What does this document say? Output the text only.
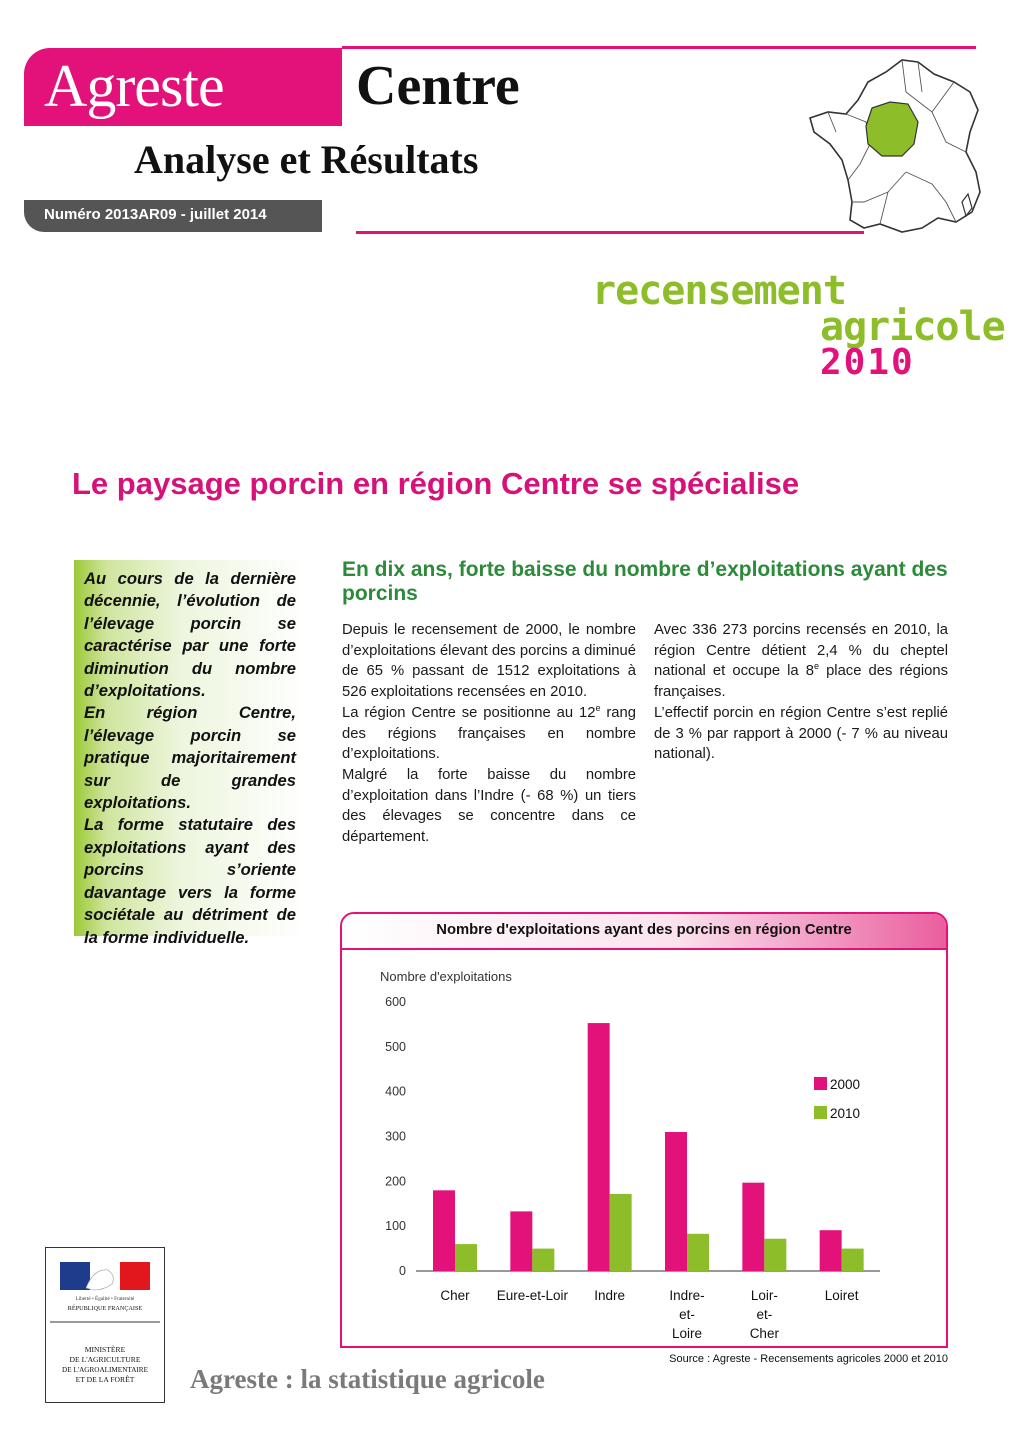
Agreste Centre
Analyse et Résultats
Numéro 2013AR09 - juillet 2014
recensement
agricole
2010
Le paysage porcin en région Centre se spécialise

Au cours de la dernière décennie, l’évolution de l’élevage porcin se caractérise par une forte diminution du nombre d’exploitations.

En région Centre, l’élevage porcin se pratique majoritairement sur de grandes exploitations.

La forme statutaire des exploitations ayant des porcins s’oriente davantage vers la forme sociétale au détriment de la forme individuelle.

En dix ans, forte baisse du nombre d’exploitations ayant des porcins

Depuis le recensement de 2000, le nombre d’exploitations élevant des porcins a diminué de 65 % passant de 1512 exploitations à 526 exploitations recensées en 2010.

La région Centre se positionne au 12e rang des régions françaises en nombre d’exploitations.

Malgré la forte baisse du nombre d’exploitation dans l’Indre (- 68 %) un tiers des élevages se concentre dans ce département.

Avec 336 273 porcins recensés en 2010, la région Centre détient 2,4 % du cheptel national et occupe la 8e place des régions françaises.

L’effectif porcin en région Centre s’est replié de 3 % par rapport à 2000 (- 7 % au niveau national).

Nombre d'exploitations ayant des porcins en région Centre
Nombre d'exploitations
0
100
200
300
400
500
600
Cher Eure-et-Loir Indre	Indre-et-Loire
Loir-et-Cher
Loiret
2000
2010
Source : Agreste - Recensements agricoles 2000 et 2010
Liberté • Égalité • Fraternité
RÉPUBLIQUE FRANÇAISE
MINISTÈRE
DE L'AGRICULTURE
DE L'AGROALIMENTAIRE
ET DE LA FORÊT Agreste : la statistique agricole
